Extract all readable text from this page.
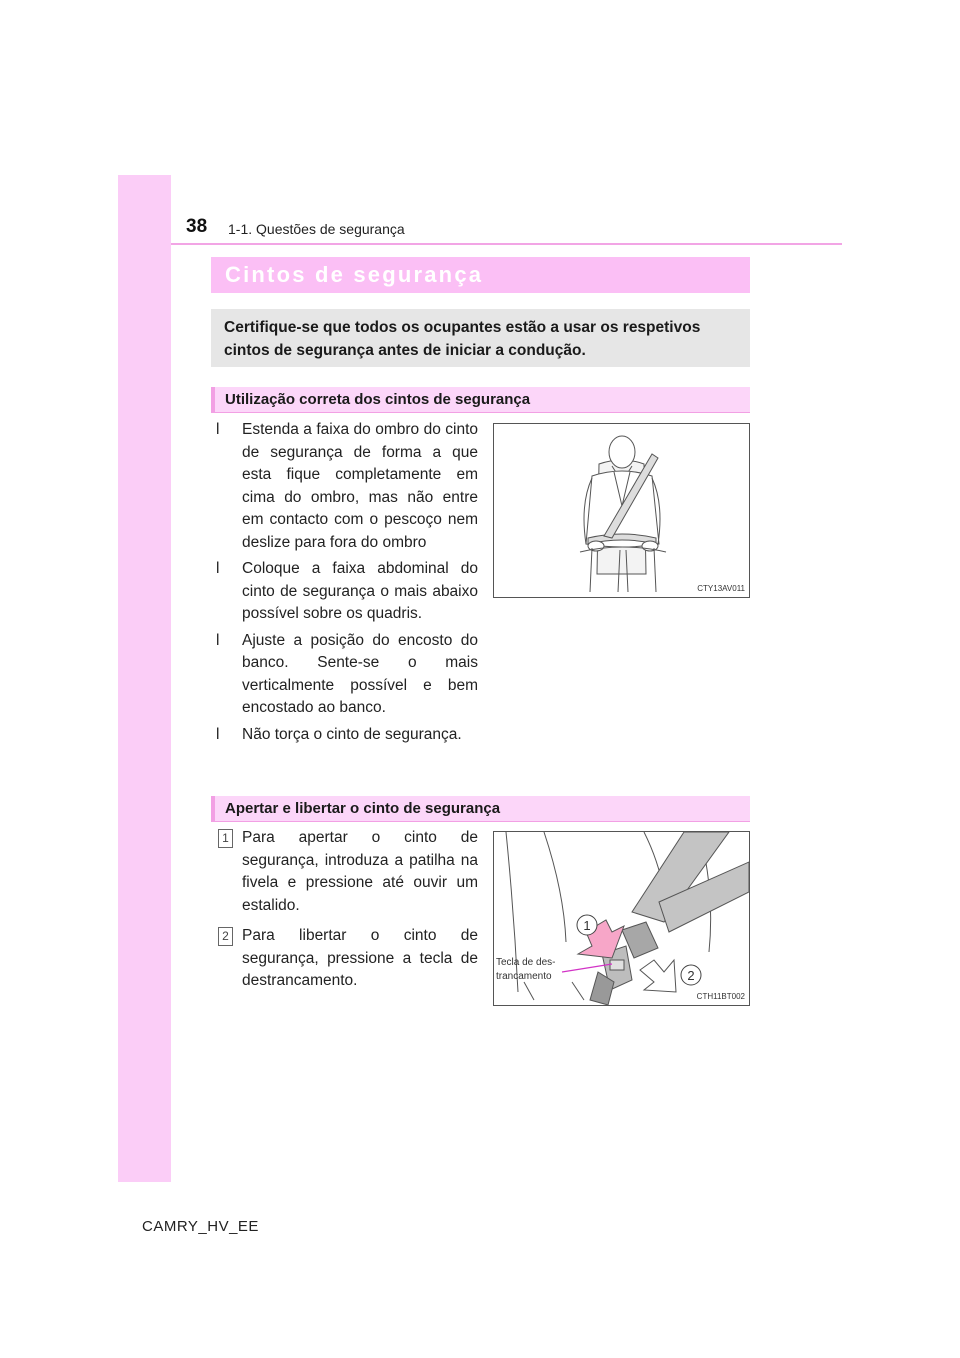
38 1-1. Questões de segurança
Cintos de segurança
Certifique-se que todos os ocupantes estão a usar os respetivos cintos de segurança antes de iniciar a condução.
Utilização correta dos cintos de segurança
l Estenda a faixa do ombro do cinto de segurança de forma a que esta fique completamente em cima do ombro, mas não entre em contacto com o pescoço nem deslize para fora do ombro
l Coloque a faixa abdominal do cinto de segurança o mais abaixo possível sobre os quadris.
l Ajuste a posição do encosto do banco. Sente-se o mais verticalmente possível e bem encostado ao banco.
l Não torça o cinto de segurança.
CTY13AV011
Apertar e libertar o cinto de segurança
1 Para apertar o cinto de segurança, introduza a patilha na fivela e pressione até ouvir um estalido.
2 Para libertar o cinto de segurança, pressione a tecla de destrancamento.
1
2
CTH11BT002
Tecla de des-
trancamento
CAMRY_HV_EE
